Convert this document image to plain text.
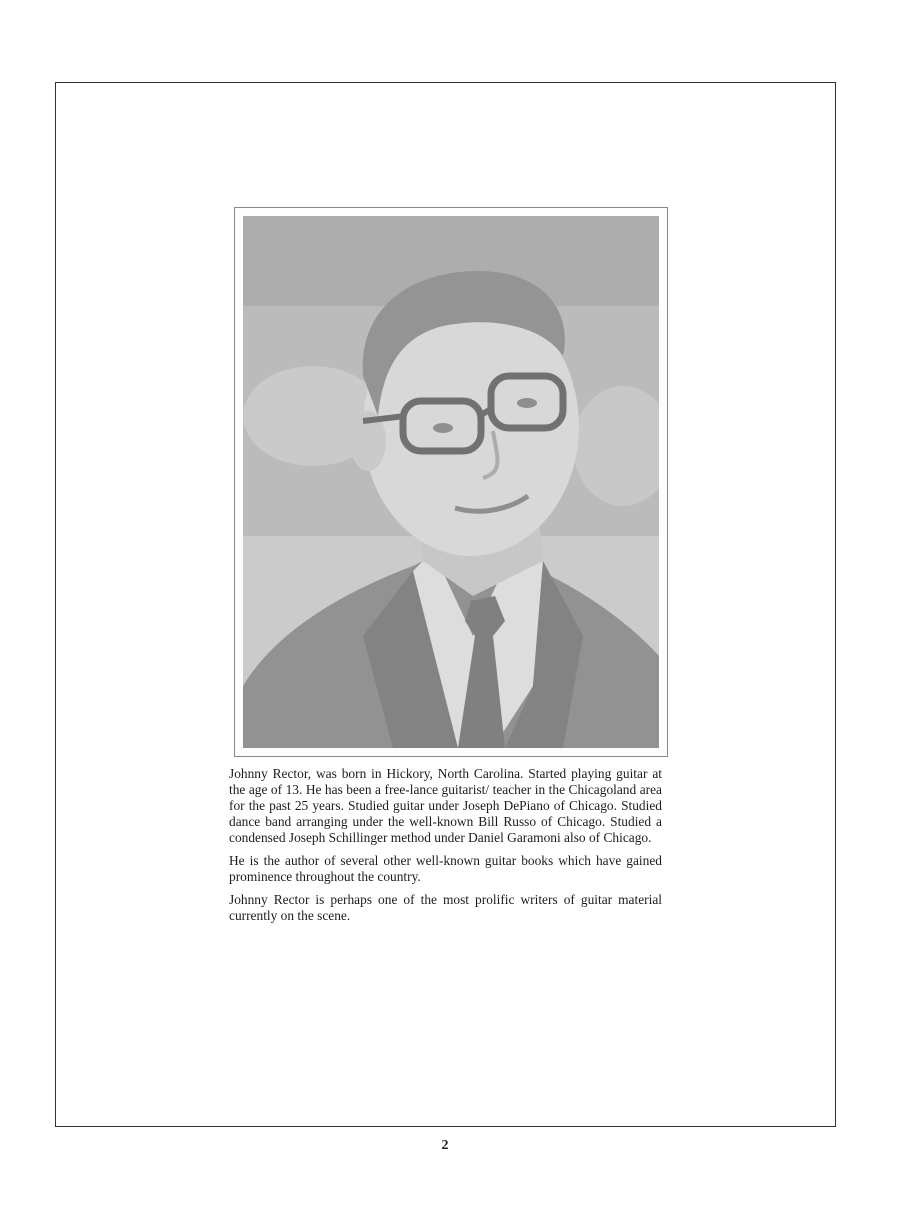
Johnny Rector, was born in Hickory, North Carolina. Started playing guitar at the age of 13. He has been a free-lance guitarist/ teacher in the Chicagoland area for the past 25 years. Studied guitar under Joseph DePiano of Chicago. Studied dance band arranging under the well-known Bill Russo of Chicago. Studied a condensed Joseph Schillinger method under Daniel Garamoni also of Chicago.

He is the author of several other well-known guitar books which have gained prominence throughout the country.

Johnny Rector is perhaps one of the most prolific writers of guitar material currently on the scene.

2
